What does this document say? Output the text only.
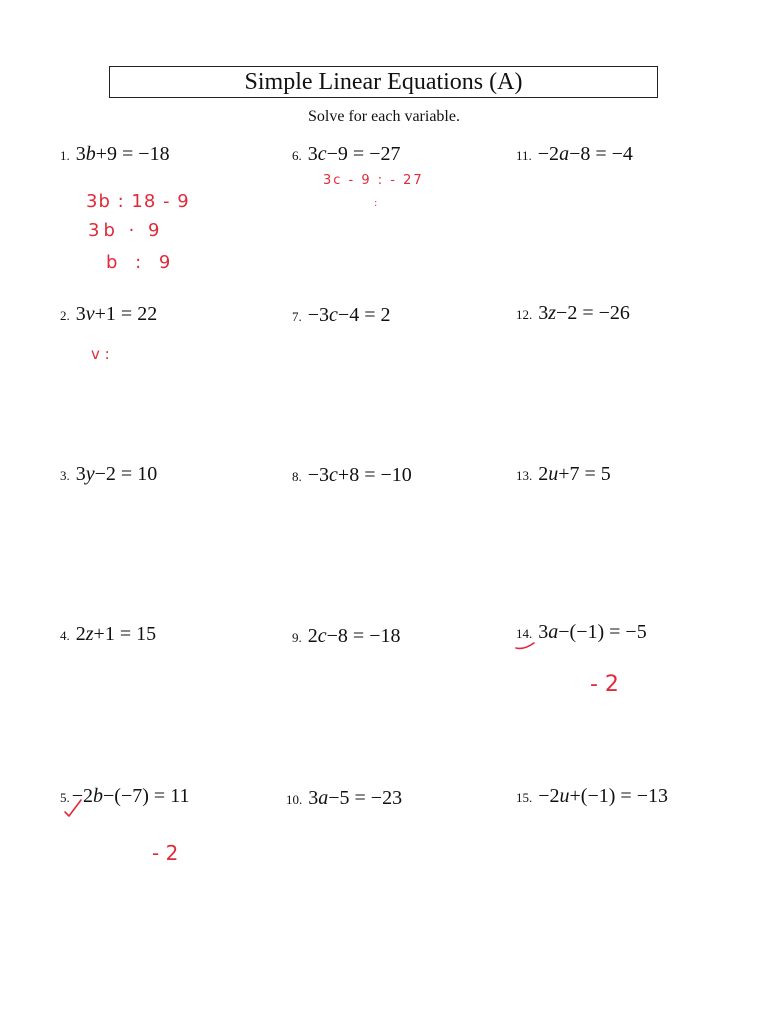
Simple Linear Equations (A)
Solve for each variable.
1. 3b+9 = −18
2. 3v+1 = 22
3. 3y−2 = 10
4. 2z+1 = 15
5. −2b−(−7) = 11
6. 3c−9 = −27
7. −3c−4 = 2
8. −3c+8 = −10
9. 2c−8 = −18
10. 3a−5 = −23
11. −2a−8 = −4
12. 3z−2 = −26
13. 2u+7 = 5
14. 3a−(−1) = −5
15. −2u+(−1) = −13
3b : 18 - 9
3b · 9
b : 9
3c - 9 : - 27
:
v :
- 2
- 2
